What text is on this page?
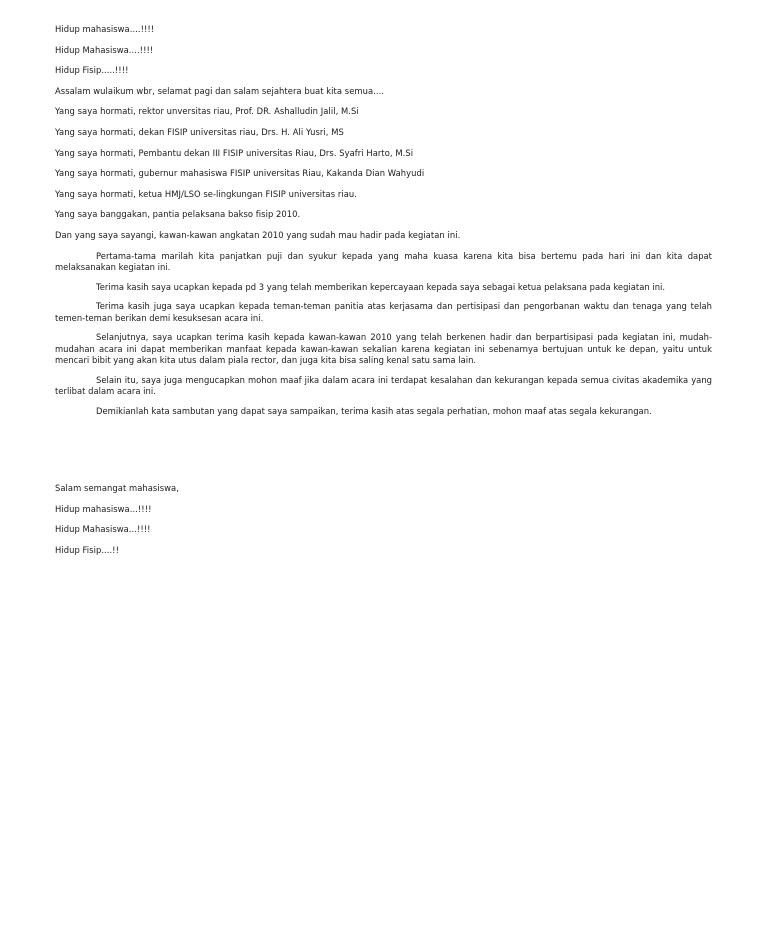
Hidup mahasiswa....!!!!

Hidup Mahasiswa....!!!!

Hidup Fisip.....!!!!

Assalam wulaikum wbr, selamat pagi dan salam sejahtera buat kita semua....

Yang saya hormati, rektor unversitas riau, Prof. DR. Ashalludin Jalil, M.Si

Yang saya hormati, dekan FISIP universitas riau, Drs. H. Ali Yusri, MS

Yang saya hormati, Pembantu dekan III FISIP universitas Riau, Drs. Syafri Harto, M.Si

Yang saya hormati, gubernur mahasiswa FISIP universitas Riau, Kakanda Dian Wahyudi

Yang saya hormati, ketua HMJ/LSO se-lingkungan FISIP universitas riau.

Yang saya banggakan, pantia pelaksana bakso fisip 2010.

Dan yang saya sayangi, kawan-kawan angkatan 2010 yang sudah mau hadir pada kegiatan ini.

Pertama-tama marilah kita panjatkan puji dan syukur kepada yang maha kuasa karena kita bisa bertemu pada hari ini dan kita dapat melaksanakan kegiatan ini.

Terima kasih saya ucapkan kepada pd 3 yang telah memberikan kepercayaan kepada saya sebagai ketua pelaksana pada kegiatan ini.

Terima kasih juga saya ucapkan kepada teman-teman panitia atas kerjasama dan pertisipasi dan pengorbanan waktu dan tenaga yang telah temen-teman berikan demi kesuksesan acara ini.

Selanjutnya, saya ucapkan terima kasih kepada kawan-kawan 2010 yang telah berkenen hadir dan berpartisipasi pada kegiatan ini, mudah-mudahan acara ini dapat memberikan manfaat kepada kawan-kawan sekalian karena kegiatan ini sebenarnya bertujuan untuk ke depan, yaitu untuk mencari bibit yang akan kita utus dalam piala rector, dan juga kita bisa saling kenal satu sama lain.

Selain itu, saya juga mengucapkan mohon maaf jika dalam acara ini terdapat kesalahan dan kekurangan kepada semua civitas akademika yang terlibat dalam acara ini.

Demikianlah kata sambutan yang dapat saya sampaikan, terima kasih atas segala perhatian, mohon maaf atas segala kekurangan.

Salam semangat mahasiswa,

Hidup mahasiswa...!!!!

Hidup Mahasiswa...!!!!

Hidup Fisip....!!
